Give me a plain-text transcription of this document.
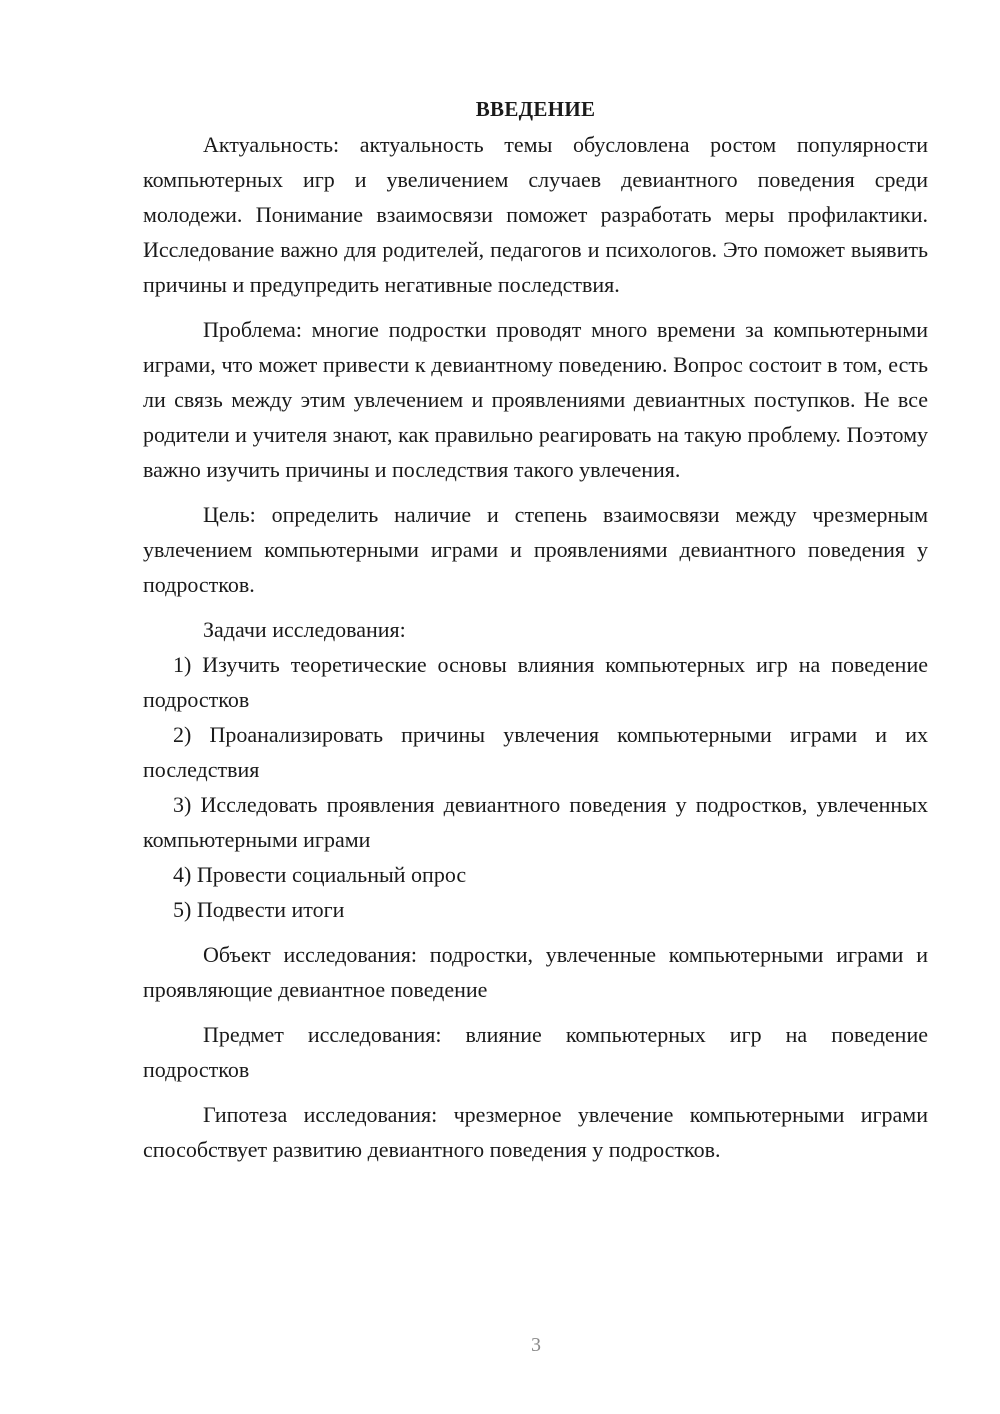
ВВЕДЕНИЕ

Актуальность: актуальность темы обусловлена ростом популярности компьютерных игр и увеличением случаев девиантного поведения среди молодежи. Понимание взаимосвязи поможет разработать меры профилактики. Исследование важно для родителей, педагогов и психологов. Это поможет выявить причины и предупредить негативные последствия.

Проблема: многие подростки проводят много времени за компьютерными играми, что может привести к девиантному поведению. Вопрос состоит в том, есть ли связь между этим увлечением и проявлениями девиантных поступков. Не все родители и учителя знают, как правильно реагировать на такую проблему. Поэтому важно изучить причины и последствия такого увлечения.

Цель: определить наличие и степень взаимосвязи между чрезмерным увлечением компьютерными играми и проявлениями девиантного поведения у подростков.

Задачи исследования:

1) Изучить теоретические основы влияния компьютерных игр на поведение подростков

2) Проанализировать причины увлечения компьютерными играми и их последствия

3) Исследовать проявления девиантного поведения у подростков, увлеченных компьютерными играми

4) Провести социальный опрос

5) Подвести итоги

Объект исследования: подростки, увлеченные компьютерными играми и проявляющие девиантное поведение

Предмет исследования: влияние компьютерных игр на поведение подростков

Гипотеза исследования: чрезмерное увлечение компьютерными играми способствует развитию девиантного поведения у подростков.

3
